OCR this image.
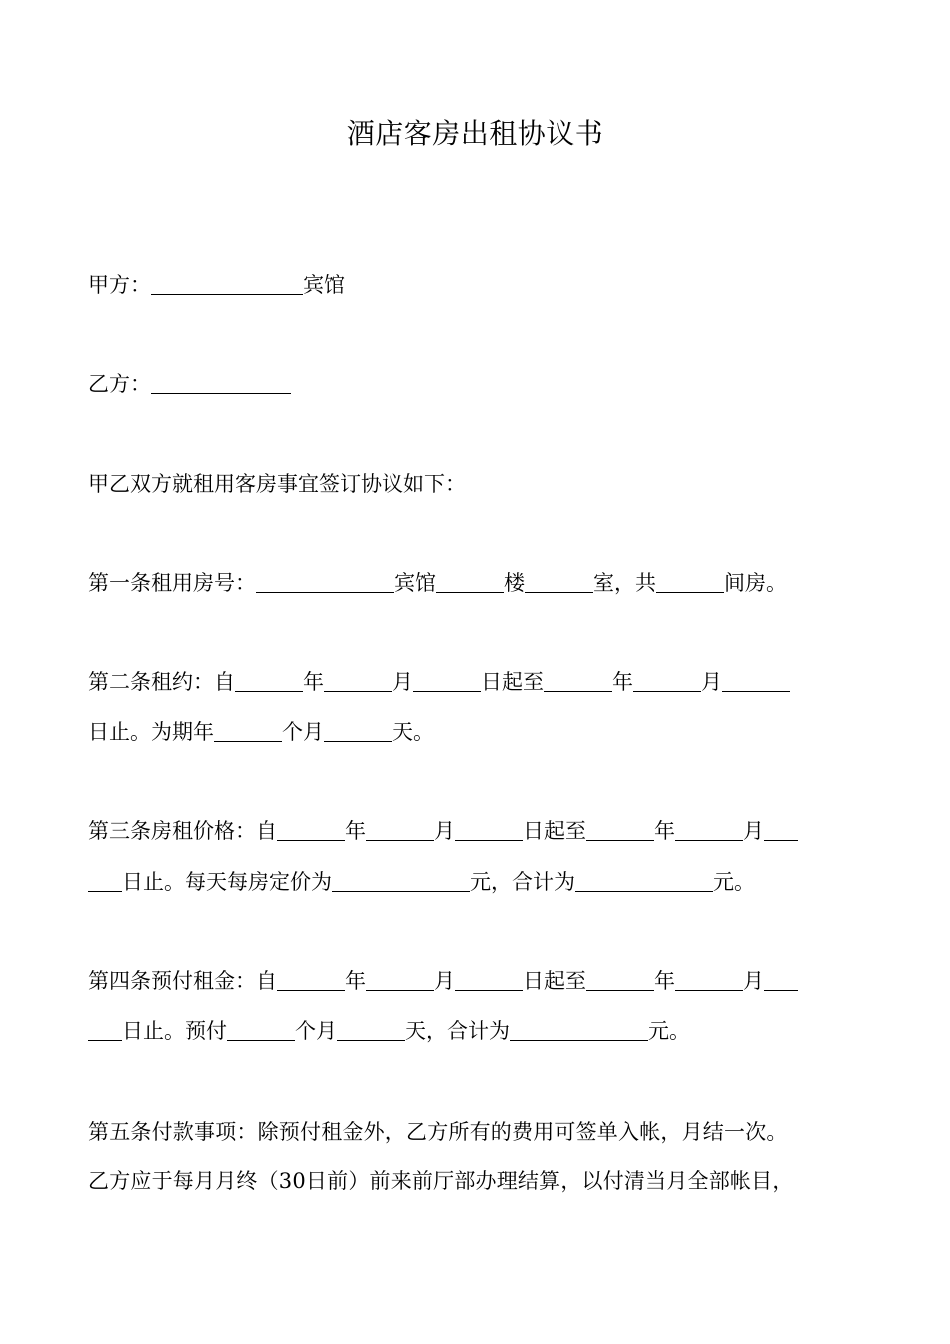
酒店客房出租协议书
甲方：	宾馆
乙方：
甲乙双方就租用客房事宜签订协议如下：
第一条租用房号：	宾馆	楼	室，共	间房。
第二条租约：自	年	月	日起至	年	月
日止。为期年	个月	天。
第三条房租价格：自	年	月	日起至	年	月
日止。每天每房定价为	元，合计为	元。
第四条预付租金：自	年	月	日起至	年	月
日止。预付	个月	天，合计为	元。
第五条付款事项：除预付租金外，乙方所有的费用可签单入帐，月结一次。
乙方应于每月月终（30日前）前来前厅部办理结算，以付清当月全部帐目，
